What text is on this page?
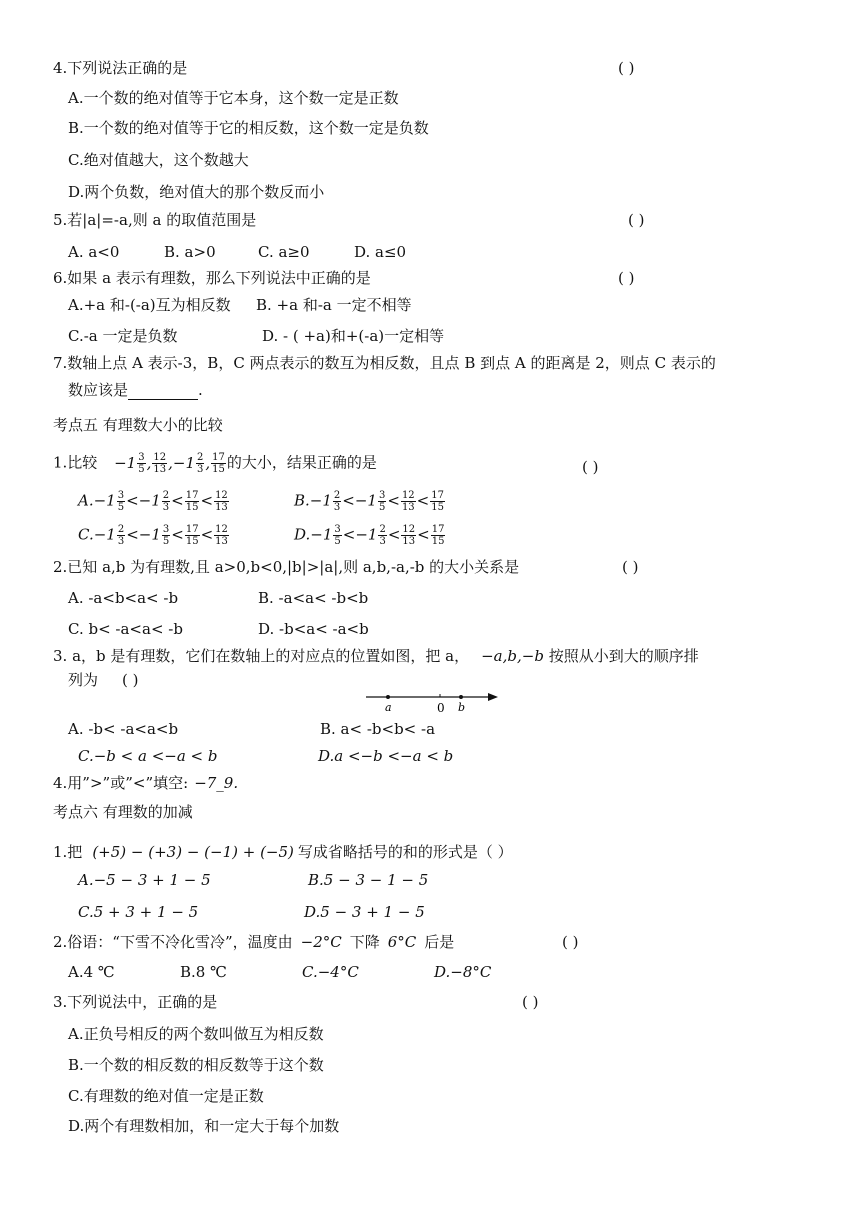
4.下列说法正确的是	( )
A.一个数的绝对值等于它本身，这个数一定是正数
B.一个数的绝对值等于它的相反数，这个数一定是负数
C.绝对值越大，这个数越大
D.两个负数，绝对值大的那个数反而小
5.若|a|=-a,则 a 的取值范围是	( )
A. a<0	B. a>0	C. a≥0	D. a≤0
6.如果 a 表示有理数，那么下列说法中正确的是	( )
A.+a 和-(-a)互为相反数 B. +a 和-a 一定不相等
C.-a 一定是负数	D. - ( +a)和+(-a)一定相等
7.数轴上点 A 表示-3，B，C 两点表示的数互为相反数，且点 B 到点 A 的距离是 2，则点 C 表示的
数应该是	.
考点五 有理数大小的比较
1.比较 $-1 \frac{3}{5}$ , $\frac{12}{13} ,-1 \frac{2}{3}$ , $\frac{17}{15}$ 的大小，结果正确的是	( )
$A.-1 \frac{3}{5} <-1 \frac{2}{3} < \frac{17}{15} < \frac{12}{13}$	$B.-1 \frac{2}{3} <-1 \frac{3}{5} < \frac{12}{13} < \frac{17}{15}$
$C.-1 \frac{2}{3} <-1 \frac{3}{5} < \frac{17}{15} < \frac{12}{13}$	$D.-1 \frac{3}{5} <-1 \frac{2}{3} < \frac{12}{13} < \frac{17}{15}$
2.已知 a,b 为有理数,且 a>0,b<0,|b|>|a|,则 a,b,-a,-b 的大小关系是	( )
A. -a<b<a< -b	B. -a<a< -b<b
C. b< -a<a< -b	D. -b<a< -a<b
3. a，b 是有理数，它们在数轴上的对应点的位置如图，把 a， −a,b,−b 按照从小到大的顺序排
列为 ( )
a	0 b
A. -b< -a<a<b	B. a< -b<b< -a
C.−b < a <−a < b	D.a <−b <−a < b
4.用”>”或”<”填空: −7_9.
考点六 有理数的加减
1.把 (+5) − (+3) − (−1) + (−5) 写成省略括号的和的形式是（ ）
A.−5 − 3 + 1 − 5	B.5 − 3 − 1 − 5
C.5 + 3 + 1 − 5	D.5 − 3 + 1 − 5
2.俗语：“下雪不冷化雪冷”，温度由 −2°C 下降 6°C 后是	( )
A.4 ℃	B.8 ℃	C.−4°C	D.−8°C
3.下列说法中，正确的是	( )
A.正负号相反的两个数叫做互为相反数
B.一个数的相反数的相反数等于这个数
C.有理数的绝对值一定是正数
D.两个有理数相加，和一定大于每个加数
